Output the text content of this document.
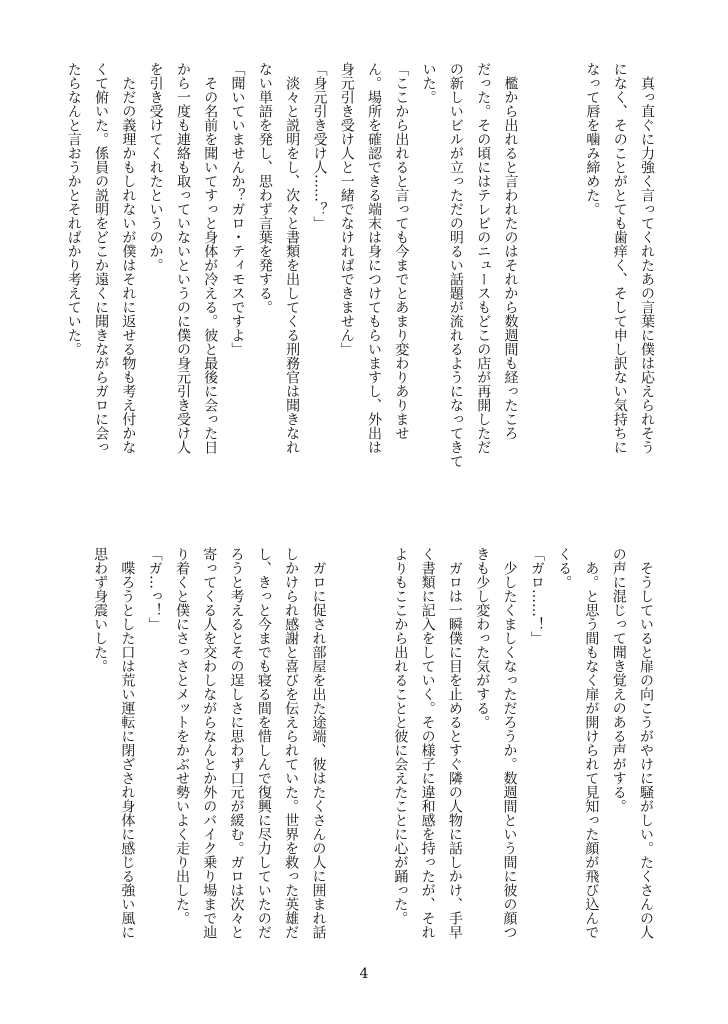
　真っ直ぐに力強く言ってくれたあの言葉に僕は応えられそう
になく、そのことがとても歯痒く、そして申し訳ない気持ちに
なって唇を噛み締めた。

　檻から出れると言われたのはそれから数週間も経ったころ
だった。その頃にはテレビのニュースもどこの店が再開しただ
の新しいビルが立っただの明るい話題が流れるようになってきて
いた。
「ここから出れると言っても今までとあまり変わりありませ
ん。場所を確認できる端末は身につけてもらいますし、外出は
身元引き受け人と一緒でなければできません」
「身元引き受け人……？」
　淡々と説明をし、次々と書類を出してくる刑務官は聞きなれ
ない単語を発し、思わず言葉を発する。
「聞いていませんか？ガロ・ティモスですよ」
　その名前を聞いてすっと身体が冷える。彼と最後に会った日
から一度も連絡も取っていないというのに僕の身元引き受け人
を引き受けてくれたというのか。
　ただの義理かもしれないが僕はそれに返せる物も考え付かな
くて俯いた。係員の説明をどこか遠くに聞きながらガロに会っ
たらなんと言おうかとそればかり考えていた。
　そうしていると扉の向こうがやけに騒がしい。たくさんの人
の声に混じって聞き覚えのある声がする。
　あ。と思う間もなく扉が開けられて見知った顔が飛び込んで
くる。
「ガロ……！」
　少したくましくなっただろうか。数週間という間に彼の顔つ
きも少し変わった気がする。
　ガロは一瞬僕に目を止めるとすぐ隣の人物に話しかけ、手早
く書類に記入をしていく。その様子に違和感を持ったが、それ
よりもここから出れることと彼に会えたことに心が踊った。

　ガロに促され部屋を出た途端、彼はたくさんの人に囲まれ話
しかけられ感謝と喜びを伝えられていた。世界を救った英雄だ
し、きっと今までも寝る間を惜しんで復興に尽力していたのだ
ろうと考えるとその逞しさに思わず口元が緩む。ガロは次々と
寄ってくる人を交わしながらなんとか外のバイク乗り場まで辿
り着くと僕にさっさとメットをかぶせ勢いよく走り出した。
「ガ…っ！」
　喋ろうとした口は荒い運転に閉ざされ身体に感じる強い風に
思わず身震いした。
4
